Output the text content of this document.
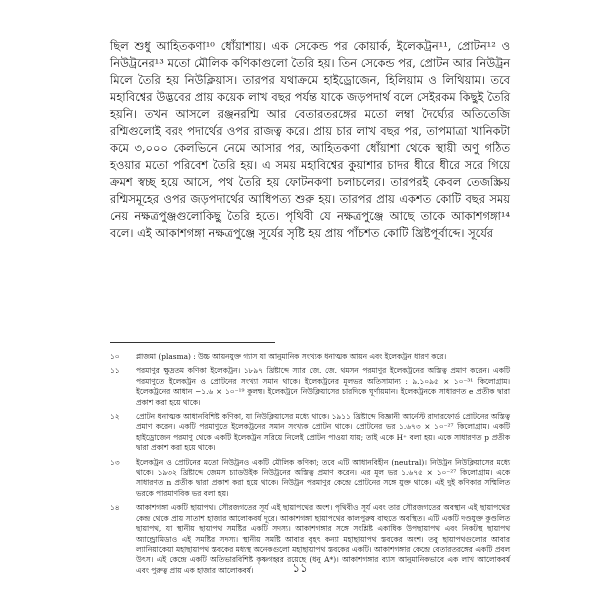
ছিল শুধু আহিতকণা¹⁰ ধোঁয়াশায়। এক সেকেন্ড পর কোয়ার্ক, ইলেকট্রন¹¹, প্রোটন¹² ও নিউট্রনের¹³ মতো মৌলিক কণিকাগুলো তৈরি হয়। তিন সেকেন্ড পর, প্রোটন আর নিউট্রন মিলে তৈরি হয় নিউক্লিয়াস। তারপর যথাক্রমে হাইড্রোজেন, হিলিয়াম ও লিথিয়াম। তবে মহাবিশ্বের উদ্ভবের প্রায় কয়েক লাখ বছর পর্যন্ত যাকে জড়পদার্থ বলে সেইরকম কিছুই তৈরি হয়নি। তখন আসলে রঞ্জনরশ্মি আর বেতারতরঙ্গের মতো লম্বা দৈর্ঘ্যের অতিতেজি রশ্মিগুলোই বরং পদার্থের ওপর রাজত্ব করে। প্রায় চার লাখ বছর পর, তাপমাত্রা খানিকটা কমে ৩,০০০ কেলভিনে নেমে আসার পর, আহিতকণা ধোঁয়াশা থেকে স্থায়ী অণু গঠিত হওয়ার মতো পরিবেশ তৈরি হয়। এ সময় মহাবিশ্বের কুয়াশার চাদর ধীরে ধীরে সরে গিয়ে ক্রমশ স্বচ্ছ হয়ে আসে, পথ তৈরি হয় ফোটনকণা চলাচলের। তারপরই কেবল তেজস্ক্রিয় রশ্মিসমূহের ওপর জড়পদার্থের আধিপত্য শুরু হয়। তারপর প্রায় একশত কোটি বছর সময় নেয় নক্ষত্রপুঞ্জগুলোকিছু তৈরি হতে। পৃথিবী যে নক্ষত্রপুঞ্জে আছে তাকে আকাশগঙ্গা¹⁴ বলে। এই আকাশগঙ্গা নক্ষত্রপুঞ্জে সূর্যের সৃষ্টি হয় প্রায় পাঁচশত কোটি খ্রিষ্টপূর্বাব্দে। সূর্যের

১০	প্লাজমা (plasma) : উচ্চ আয়নযুক্ত গ্যাস যা আনুমানিক সংখ্যক ধনাত্মক আয়ন এবং ইলেকট্রন ধারণ করে।
১১	পরমাণুর ক্ষুদ্রতম কণিকা ইলেকট্রন। ১৮৯৭ খ্রিষ্টাব্দে স্যার জে. জে. থমসন পরমাণুর ইলেকট্রনের অস্তিত্ব প্রমাণ করেন। একটি পরমাণুতে ইলেকট্রন ও প্রোটনের সংখ্যা সমান থাকে। ইলেকট্রনের মূলভর অতিসামান্য : ৯.১০৯৫ × ১০⁻³¹ কিলোগ্রাম। ইলেকট্রনের আধান −১.৬ × ১০⁻¹⁹ কুলম্ব। ইলেকট্রনে নিউক্লিয়াসের চারদিকে ঘূর্ণায়মান। ইলেকট্রনকে সাধারণত e প্রতীক দ্বারা প্রকাশ করা হয়ে থাকে।
১২	প্রোটন ধনাত্মক আধানবিশিষ্ট কণিকা, যা নিউক্লিয়াসের মধ্যে থাকে। ১৯১১ খ্রিষ্টাব্দে বিজ্ঞানী আর্নেস্ট রাদারফোর্ড প্রোটনের অস্তিত্ব প্রমাণ করেন। একটি পরমাণুতে ইলেকট্রনের সমান সংখ্যক প্রোটন থাকে। প্রোটনের ভর ১.৬৭৩ × ১০⁻²⁷ কিলোগ্রাম। একটি হাইড্রোজেন পরমাণু থেকে একটি ইলেকট্রন সরিয়ে নিলেই প্রোটন পাওয়া যায়; তাই একে H⁺ বলা হয়। একে সাধারণত p প্রতীক দ্বারা প্রকাশ করা হয়ে থাকে।
১৩	ইলেকট্রন ও প্রোটনের মতো নিউট্রনও একটি মৌলিক কণিকা; তবে এটি আধানবিহীন (neutral)। নিউট্রন নিউক্লিয়াসের মধ্যে থাকে। ১৯৩২ খ্রিষ্টাব্দে জেমস চ্যাডউইক নিউট্রনের অস্তিত্ব প্রমাণ করেন। এর মূল ভর ১.৬৭৫ × ১০⁻²⁷ কিলোগ্রাম। একে সাধারণত n প্রতীক দ্বারা প্রকাশ করা হয়ে থাকে। নিউট্রন পরমাণুর কেন্দ্রে প্রোটনের সঙ্গে যুক্ত থাকে। এই দুই কণিকার সম্মিলিত ভরকে পারমাণবিক ভর বলা হয়।
১৪	আকাশগঙ্গা একটি ছায়াপথ। সৌরজগতের সূর্য এই ছায়াপথের অংশ। পৃথিবীও সূর্য এবং তার সৌরজগতের অবস্থান এই ছায়াপথের কেন্দ্র থেকে প্রায় সাতাশ হাজার আলোকবর্ষ দূরে। আকাশগঙ্গা ছায়াপথের কালপুরুষ বাহুতে অবস্থিত। এটি একটি দণ্ডযুক্ত কুণ্ডলিত ছায়াপথ, যা স্থানীয় ছায়াপথ সমষ্টির একটি সদস্য। আকাশগঙ্গার সঙ্গে সংশ্লিষ্ট একাধিক উপছায়াপথ এবং নিকটস্থ ছায়াপথ অ্যান্ড্রোমিডাও এই সমষ্টির সদস্য। স্থানীয় সমষ্টি আবার বৃহৎ কন্যা মহাছায়াপথ স্তবকের অংশ। তবু ছায়াপথগুলোর আবার ল্যানিয়াকেয়া মহাছায়াপথ স্তবকের মধ্যস্থ অনেকগুলো মহাছায়াপথ স্তবকের একটি। আকাশগঙ্গার কেন্দ্রে বেতারতরঙ্গের একটি প্রবল উৎস। এই কেন্দ্রে একটি অতিভারবিশিষ্ট কৃষ্ণগহ্বর রয়েছে (ধনু A*)। আকাশগঙ্গার ব্যাস আনুমানিকভাবে এক লাখ আলোকবর্ষ এবং পুরুত্ব প্রায় এক হাজার আলোকবর্ষ।	১১
